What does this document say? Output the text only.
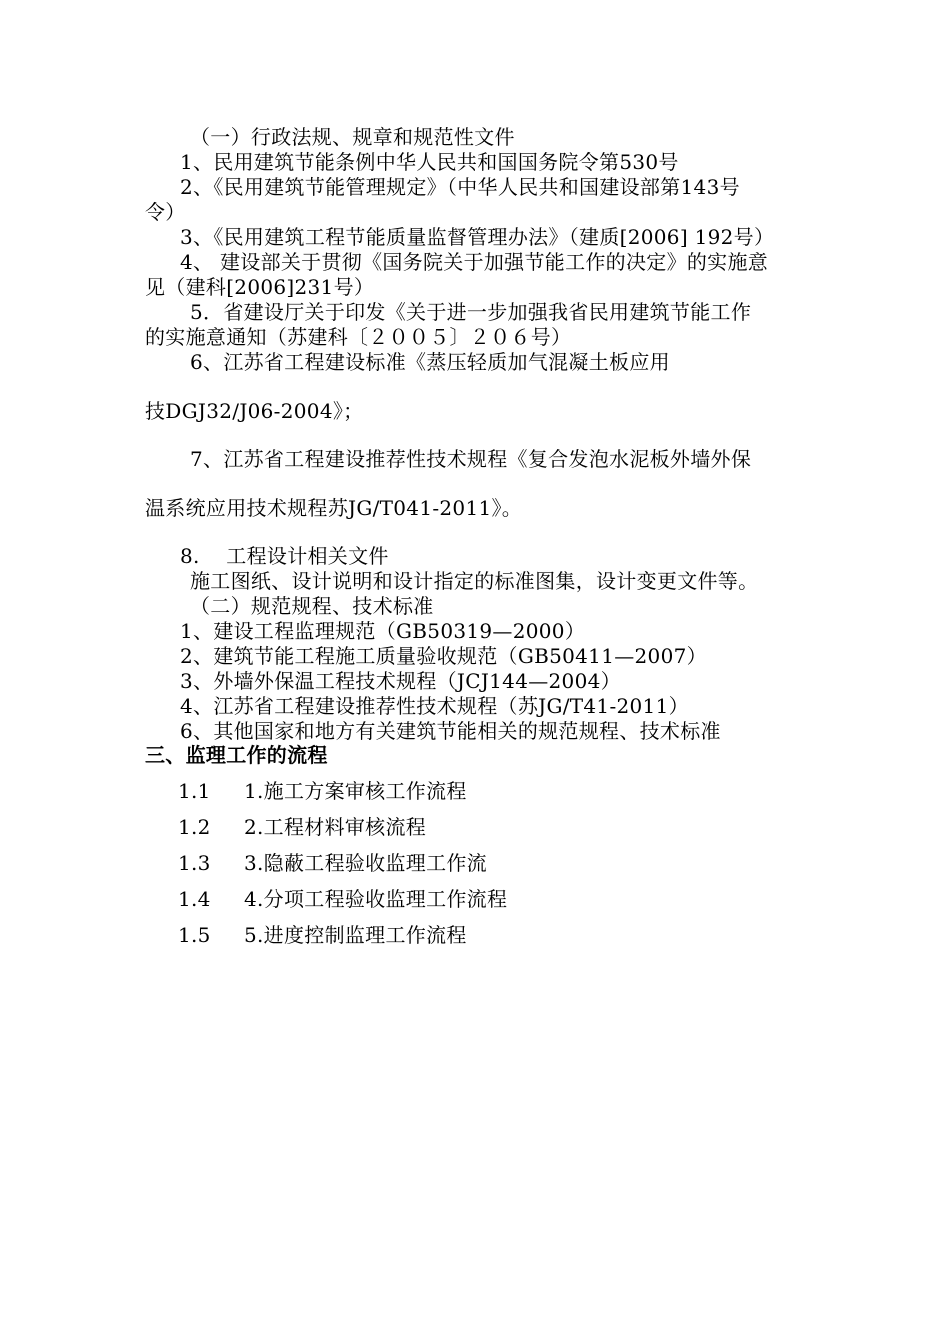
（一）行政法规、规章和规范性文件
1、民用建筑节能条例中华人民共和国国务院令第530号
2、《民用建筑节能管理规定》（中华人民共和国建设部第143号
令）
3、《民用建筑工程节能质量监督管理办法》（建质[2006] 192号）
4、 建设部关于贯彻《国务院关于加强节能工作的决定》的实施意
见（建科[2006]231号）
5．省建设厅关于印发《关于进一步加强我省民用建筑节能工作
的实施意通知（苏建科〔２００５〕２０６号）
6、江苏省工程建设标准《蒸压轻质加气混凝土板应用
技DGJ32/J06-2004》；
7、江苏省工程建设推荐性技术规程《复合发泡水泥板外墙外保
温系统应用技术规程苏JG/T041-2011》。
8.    工程设计相关文件
施工图纸、设计说明和设计指定的标准图集，设计变更文件等。
（二）规范规程、技术标准
1、建设工程监理规范（GB50319—2000）
2、建筑节能工程施工质量验收规范（GB50411—2007）
3、外墙外保温工程技术规程（JCJ144—2004）
4、江苏省工程建设推荐性技术规程（苏JG/T41-2011）
6、其他国家和地方有关建筑节能相关的规范规程、技术标准
三、监理工作的流程
1.1 1.施工方案审核工作流程
1.2 2.工程材料审核流程
1.3 3.隐蔽工程验收监理工作流
1.4 4.分项工程验收监理工作流程
1.5 5.进度控制监理工作流程
